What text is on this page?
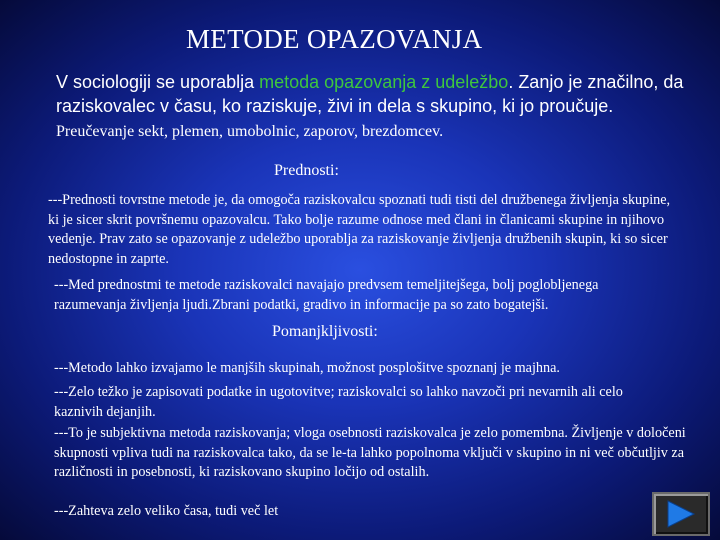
METODE OPAZOVANJA
V sociologiji se uporablja metoda opazovanja z udeležbo. Zanjo je značilno, da raziskovalec v času, ko raziskuje, živi in dela s skupino, ki jo proučuje. Preučevanje sekt, plemen, umobolnic, zaporov, brezdomcev.
Prednosti:
---Prednosti tovrstne metode je, da omogoča raziskovalcu spoznati tudi tisti del družbenega življenja skupine, ki je sicer skrit površnemu opazovalcu. Tako bolje razume odnose med člani in članicami skupine in njihovo vedenje. Prav zato se opazovanje z udeležbo uporablja za raziskovanje življenja družbenih skupin, ki so sicer nedostopne in zaprte.
---Med prednostmi te metode raziskovalci navajajo predvsem temeljitejšega, bolj poglobljenega razumevanja življenja ljudi.Zbrani podatki, gradivo in informacije pa so zato bogatejši.
Pomanjkljivosti:
---Metodo lahko izvajamo le manjših skupinah, možnost posplošitve spoznanj je majhna.
---Zelo težko je zapisovati podatke in ugotovitve; raziskovalci so lahko navzoči pri nevarnih ali celo kaznivih dejanjih.
---To je subjektivna metoda raziskovanja; vloga osebnosti raziskovalca je zelo pomembna. Življenje v določeni skupnosti vpliva tudi na raziskovalca tako, da se le-ta lahko popolnoma vključi v skupino in ni več občutljiv za različnosti in posebnosti, ki raziskovano skupino ločijo od ostalih.
---Zahteva zelo veliko časa, tudi več let
